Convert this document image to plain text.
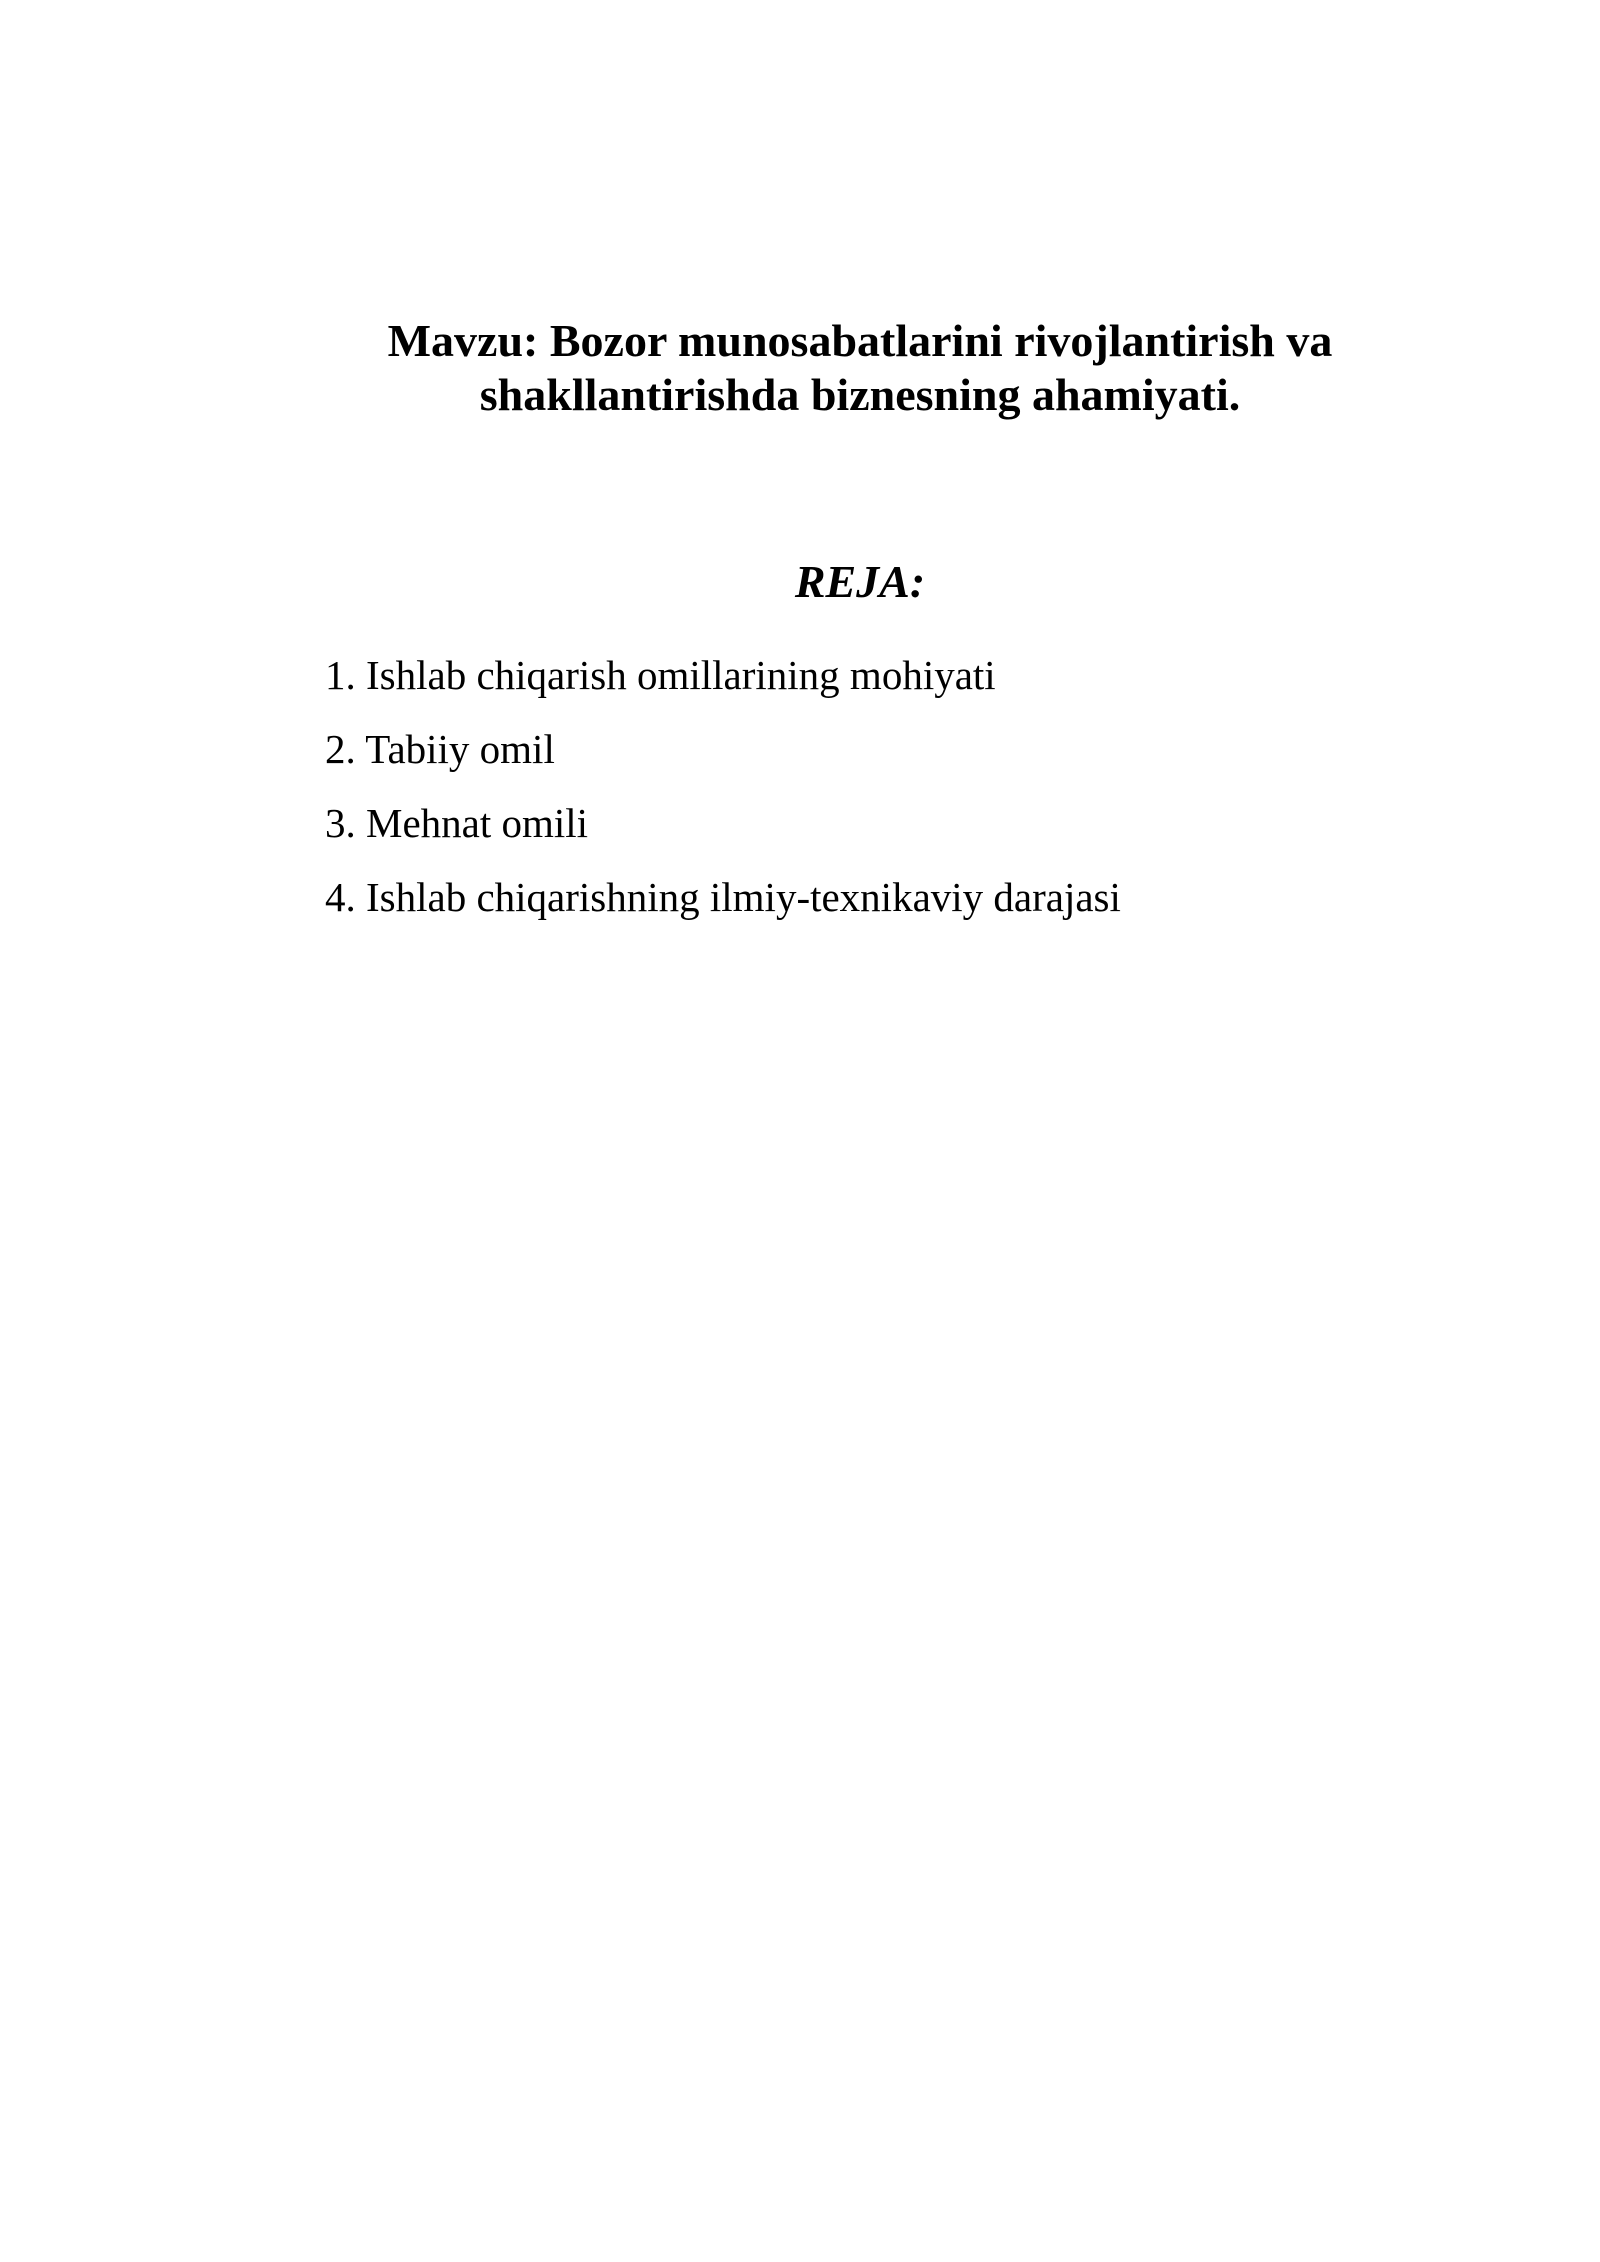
Mavzu: Bozor munosabatlarini rivojlantirish va
shakllantirishda biznesning ahamiyati.
REJA:
1. Ishlab chiqarish omillarining mohiyati
2. Tabiiy omil
3. Mehnat omili
4. Ishlab chiqarishning ilmiy-texnikaviy darajasi
